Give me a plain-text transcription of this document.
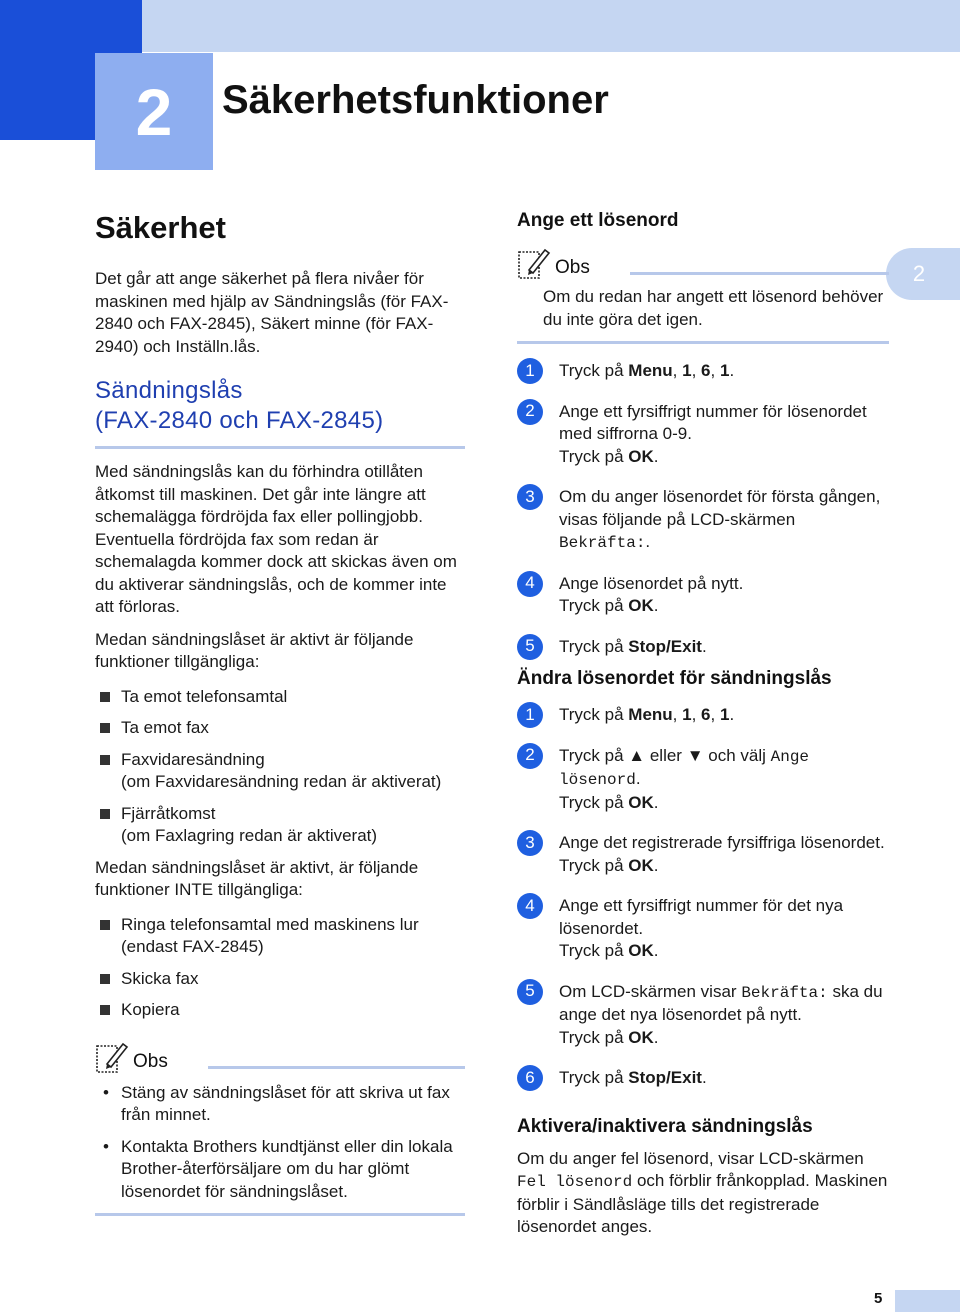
2	Säkerhetsfunktioner
2
Säkerhet

Det går att ange säkerhet på flera nivåer för maskinen med hjälp av Sändningslås (för FAX-2840 och FAX-2845), Säkert minne (för FAX-2940) och Inställn.lås.

Sändningslås
(FAX-2840 och FAX-2845)

Med sändningslås kan du förhindra otillåten åtkomst till maskinen. Det går inte längre att schemalägga fördröjda fax eller pollingjobb. Eventuella fördröjda fax som redan är schemalagda kommer dock att skickas även om du aktiverar sändningslås, och de kommer inte att förloras.

Medan sändningslåset är aktivt är följande funktioner tillgängliga:

Ta emot telefonsamtal
Ta emot fax
Faxvidaresändning
(om Faxvidaresändning redan är aktiverat)
Fjärråtkomst
(om Faxlagring redan är aktiverat)

Medan sändningslåset är aktivt, är följande funktioner INTE tillgängliga:

Ringa telefonsamtal med maskinens lur (endast FAX-2845)
Skicka fax
Kopiera
Obs
• Stäng av sändningslåset för att skriva ut fax från minnet.
• Kontakta Brothers kundtjänst eller din lokala Brother-återförsäljare om du har glömt lösenordet för sändningslåset.
Ange ett lösenord
Obs
Om du redan har angett ett lösenord behöver du inte göra det igen.
1	Tryck på Menu, 1, 6, 1.
2	Ange ett fyrsiffrigt nummer för lösenordet med siffrorna 0-9.
Tryck på OK.
3	Om du anger lösenordet för första gången, visas följande på LCD-skärmen
Bekräfta:.
4	Ange lösenordet på nytt.
Tryck på OK.
5	Tryck på Stop/Exit.
Ändra lösenordet för sändningslås
1	Tryck på Menu, 1, 6, 1.
2	Tryck på ▲ eller ▼ och välj Ange lösenord.
Tryck på OK.
3	Ange det registrerade fyrsiffriga lösenordet.
Tryck på OK.
4	Ange ett fyrsiffrigt nummer för det nya lösenordet.
Tryck på OK.
5	Om LCD-skärmen visar Bekräfta: ska du ange det nya lösenordet på nytt.
Tryck på OK.
6	Tryck på Stop/Exit.
Aktivera/inaktivera sändningslås

Om du anger fel lösenord, visar LCD-skärmen Fel lösenord och förblir frånkopplad. Maskinen förblir i Sändlåsläge tills det registrerade lösenordet anges.

5
